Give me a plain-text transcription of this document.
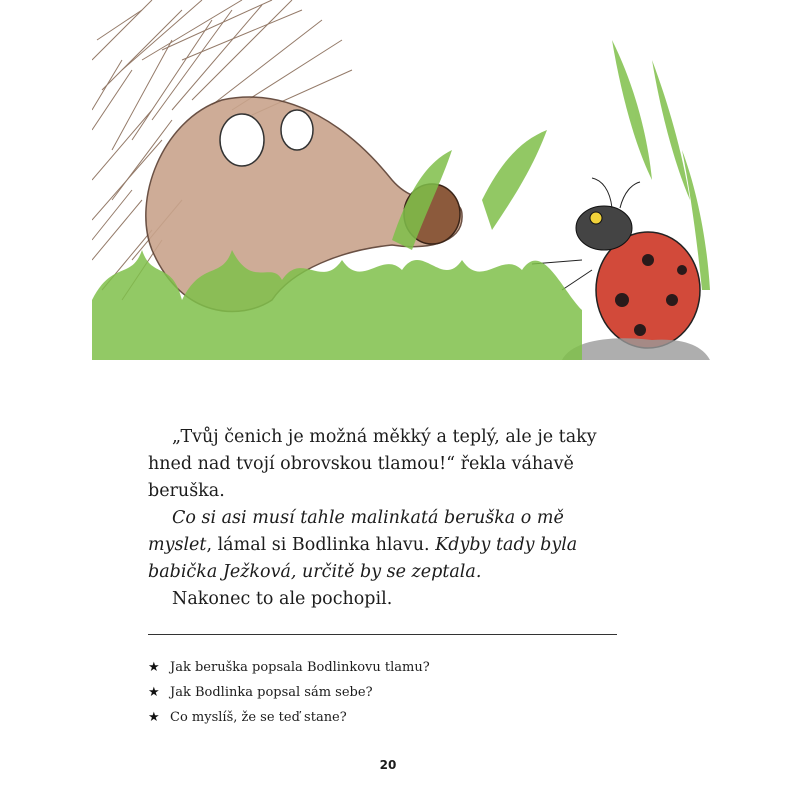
„Tvůj čenich je možná měkký a teplý, ale je taky hned nad tvojí obrovskou tlamou!“ řekla váhavě beruška.

Co si asi musí tahle malinkatá beruška o mě myslet, lámal si Bodlinka hlavu. Kdyby tady byla babička Ježková, určitě by se zeptala.

Nakonec to ale pochopil.

★ Jak beruška popsala Bodlinkovu tlamu?
★ Jak Bodlinka popsal sám sebe?
★ Co myslíš, že se teď stane?
20
